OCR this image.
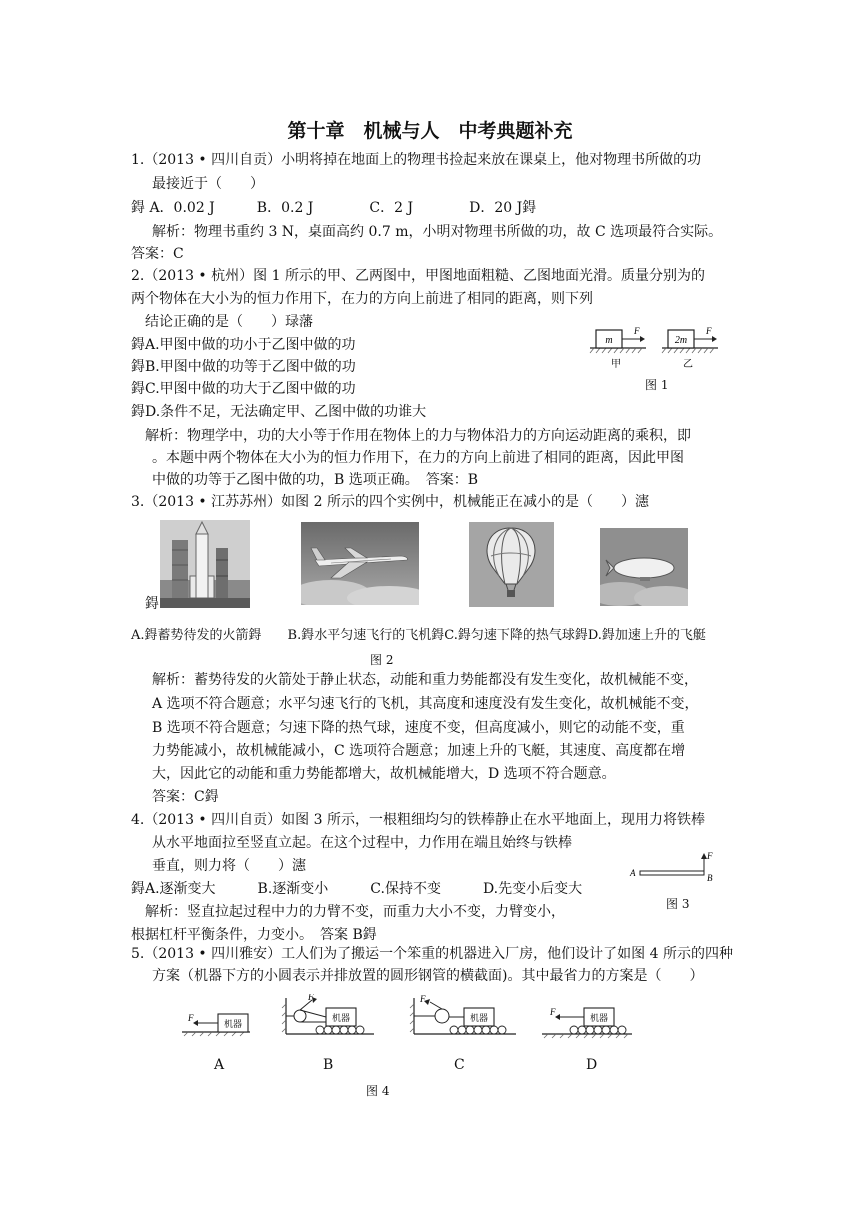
第十章　机械与人　中考典题补充
1.（2013 • 四川自贡）小明将掉在地面上的物理书捡起来放在课桌上，他对物理书所做的功
最接近于（　　）
鍀 A．0.02 J　　　B．0.2 J　　　　C．2 J　　　　D．20 J鍀
解析：物理书重约 3 N，桌面高约 0.7 m，小明对物理书所做的功，故 C 选项最符合实际。
答案：C
2.（2013 • 杭州）图 1 所示的甲、乙两图中，甲图地面粗糙、乙图地面光滑。质量分别为的
两个物体在大小为的恒力作用下，在力的方向上前进了相同的距离，则下列
结论正确的是（　　）琭藩
鍀A.甲图中做的功小于乙图中做的功
鍀B.甲图中做的功等于乙图中做的功
鍀C.甲图中做的功大于乙图中做的功
鍀D.条件不足，无法确定甲、乙图中做的功谁大
m
F
甲
2m
F
乙
图 1
解析：物理学中，功的大小等于作用在物体上的力与物体沿力的方向运动距离的乘积，即
。本题中两个物体在大小为的恒力作用下，在力的方向上前进了相同的距离，因此甲图
中做的功等于乙图中做的功，B 选项正确。　答案：B
3.（2013 • 江苏苏州）如图 2 所示的四个实例中，机械能正在减小的是（　　）瀗
鍀
A.鍀蓄势待发的火箭鍀　　B.鍀水平匀速飞行的飞机鍀C.鍀匀速下降的热气球鍀D.鍀加速上升的飞艇
图 2
解析：蓄势待发的火箭处于静止状态，动能和重力势能都没有发生变化，故机械能不变，
A 选项不符合题意；水平匀速飞行的飞机，其高度和速度没有发生变化，故机械能不变，
B 选项不符合题意；匀速下降的热气球，速度不变，但高度减小，则它的动能不变，重
力势能减小，故机械能减小，C 选项符合题意；加速上升的飞艇，其速度、高度都在增
大，因此它的动能和重力势能都增大，故机械能增大，D 选项不符合题意。
答案：C鍀
4.（2013 • 四川自贡）如图 3 所示，一根粗细均匀的铁棒静止在水平地面上，现用力将铁棒
从水平地面拉至竖直立起。在这个过程中，力作用在端且始终与铁棒
垂直，则力将（　　）瀗
鍀A.逐渐变大　　　B.逐渐变小　　　C.保持不变　　　D.先变小后变大
解析：竖直拉起过程中力的力臂不变，而重力大小不变，力臂变小，
根据杠杆平衡条件，力变小。　答案 B鍀
A
F
B
图 3
5.（2013 • 四川雅安）工人们为了搬运一个笨重的机器进入厂房，他们设计了如图 4 所示的四种
方案（机器下方的小圆表示并排放置的圆形钢管的横截面)。其中最省力的方案是（　　）
机器
F	机器
F
机器
F
机器
F
A	B	C	D
图 4
